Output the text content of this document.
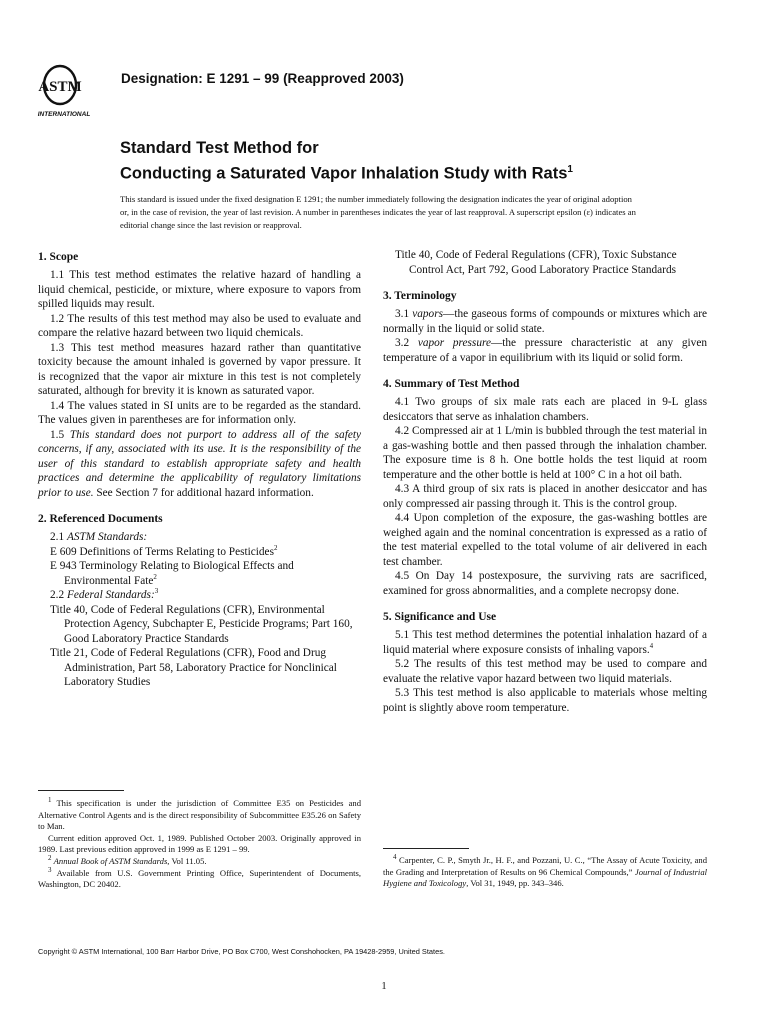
ASTM
INTERNATIONAL
Designation: E 1291 – 99 (Reapproved 2003)
Standard Test Method for
Conducting a Saturated Vapor Inhalation Study with Rats$^1$
This standard is issued under the fixed designation E 1291; the number immediately following the designation indicates the year of original adoption or, in the case of revision, the year of last revision. A number in parentheses indicates the year of last reapproval. A superscript epsilon (ε) indicates an editorial change since the last revision or reapproval.
1. Scope

1.1 This test method estimates the relative hazard of handling a liquid chemical, pesticide, or mixture, where exposure to vapors from spilled liquids may result.

1.2 The results of this test method may also be used to evaluate and compare the relative hazard between two liquid chemicals.

1.3 This test method measures hazard rather than quantitative toxicity because the amount inhaled is governed by vapor pressure. It is recognized that the vapor air mixture in this test is not completely saturated, although for brevity it is known as saturated vapor.

1.4 The values stated in SI units are to be regarded as the standard. The values given in parentheses are for information only.

1.5 This standard does not purport to address all of the safety concerns, if any, associated with its use. It is the responsibility of the user of this standard to establish appropriate safety and health practices and determine the applicability of regulatory limitations prior to use. See Section 7 for additional hazard information.

2. Referenced Documents

2.1 ASTM Standards:

E 609 Definitions of Terms Relating to Pesticides$^2$

E 943 Terminology Relating to Biological Effects and Environmental Fate$^2$

2.2 Federal Standards:$^3$

Title 40, Code of Federal Regulations (CFR), Environmental Protection Agency, Subchapter E, Pesticide Programs; Part 160, Good Laboratory Practice Standards

Title 21, Code of Federal Regulations (CFR), Food and Drug Administration, Part 58, Laboratory Practice for Nonclinical Laboratory Studies

Title 40, Code of Federal Regulations (CFR), Toxic Substance Control Act, Part 792, Good Laboratory Practice Standards

3. Terminology

3.1 vapors—the gaseous forms of compounds or mixtures which are normally in the liquid or solid state.

3.2 vapor pressure—the pressure characteristic at any given temperature of a vapor in equilibrium with its liquid or solid form.

4. Summary of Test Method

4.1 Two groups of six male rats each are placed in 9-L glass desiccators that serve as inhalation chambers.

4.2 Compressed air at 1 L/min is bubbled through the test material in a gas-washing bottle and then passed through the inhalation chamber. The exposure time is 8 h. One bottle holds the test liquid at room temperature and the other bottle is held at 100° C in a hot oil bath.

4.3 A third group of six rats is placed in another desiccator and has only compressed air passing through it. This is the control group.

4.4 Upon completion of the exposure, the gas-washing bottles are weighed again and the nominal concentration is expressed as a ratio of the test material expelled to the total volume of air delivered in each test chamber.

4.5 On Day 14 postexposure, the surviving rats are sacrificed, examined for gross abnormalities, and a complete necropsy done.

5. Significance and Use

5.1 This test method determines the potential inhalation hazard of a liquid material where exposure consists of inhaling vapors.$^4$

5.2 The results of this test method may be used to compare and evaluate the relative vapor hazard between two liquid materials.

5.3 This test method is also applicable to materials whose melting point is slightly above room temperature.

$^1$ This specification is under the jurisdiction of Committee E35 on Pesticides and Alternative Control Agents and is the direct responsibility of Subcommittee E35.26 on Safety to Man.

Current edition approved Oct. 1, 1989. Published October 2003. Originally approved in 1989. Last previous edition approved in 1999 as E 1291 – 99.

$^2$ Annual Book of ASTM Standards, Vol 11.05.

$^3$ Available from U.S. Government Printing Office, Superintendent of Documents, Washington, DC 20402.

$^4$ Carpenter, C. P., Smyth Jr., H. F., and Pozzani, U. C., “The Assay of Acute Toxicity, and the Grading and Interpretation of Results on 96 Chemical Compounds,” Journal of Industrial Hygiene and Toxicology, Vol 31, 1949, pp. 343–346.

Copyright © ASTM International, 100 Barr Harbor Drive, PO Box C700, West Conshohocken, PA 19428-2959, United States.
1
